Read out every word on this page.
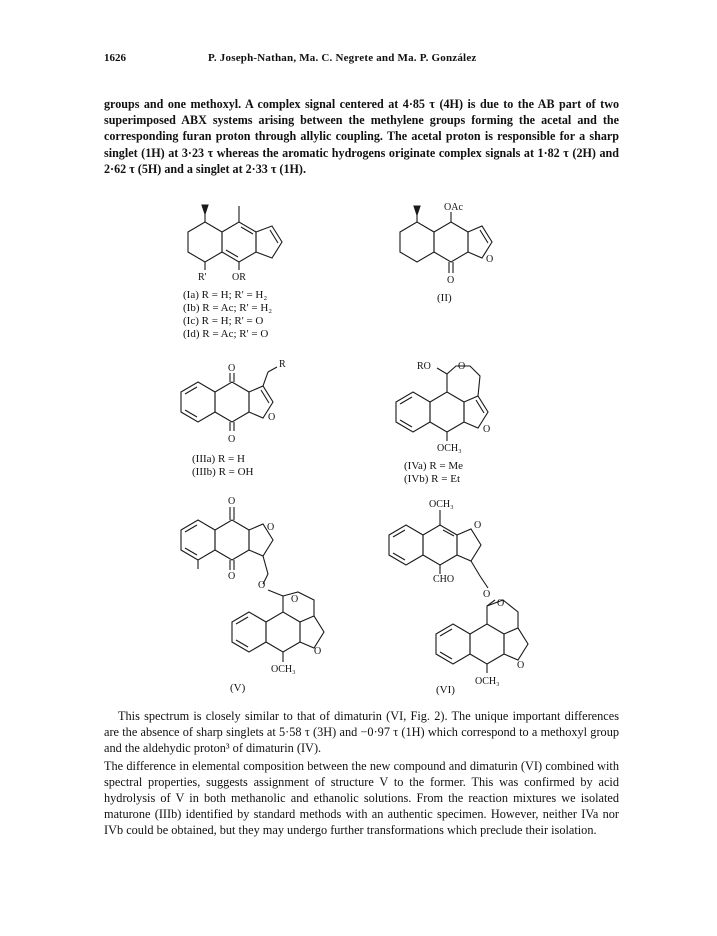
1626	P. Joseph-Nathan, Ma. C. Negrete and Ma. P. González
groups and one methoxyl. A complex signal centered at 4·85 τ (4H) is due to the AB part of two superimposed ABX systems arising between the methylene groups forming the acetal and the corresponding furan proton through allylic coupling. The acetal proton is responsible for a sharp singlet (1H) at 3·23 τ whereas the aromatic hydrogens originate complex signals at 1·82 τ (2H) and 2·62 τ (5H) and a singlet at 2·33 τ (1H).
R'	OR
(Ia) R = H; R' = H₂
(Ib) R = Ac; R' = H₂
(Ic) R = H; R' = O
(Id) R = Ac; R' = O
OAc
O
O
(II)
O
O
O
R
(IIIa) R = H
(IIIb) R = OH
RO	O
O
OCH₃
(IVa) R = Me
(IVb) R = Et
O
O
O
O
O
O
OCH₃
(V)
OCH₃
O
CHO
O
O
O
OCH₃
(VI)
This spectrum is closely similar to that of dimaturin (VI, Fig. 2). The unique important differences are the absence of sharp singlets at 5·58 τ (3H) and −0·97 τ (1H) which correspond to a methoxyl group and the aldehydic proton³ of dimaturin (IV).
The difference in elemental composition between the new compound and dimaturin (VI) combined with spectral properties, suggests assignment of structure V to the former. This was confirmed by acid hydrolysis of V in both methanolic and ethanolic solutions. From the reaction mixtures we isolated maturone (IIIb) identified by standard methods with an authentic specimen. However, neither IVa nor IVb could be obtained, but they may undergo further transformations which preclude their isolation.
